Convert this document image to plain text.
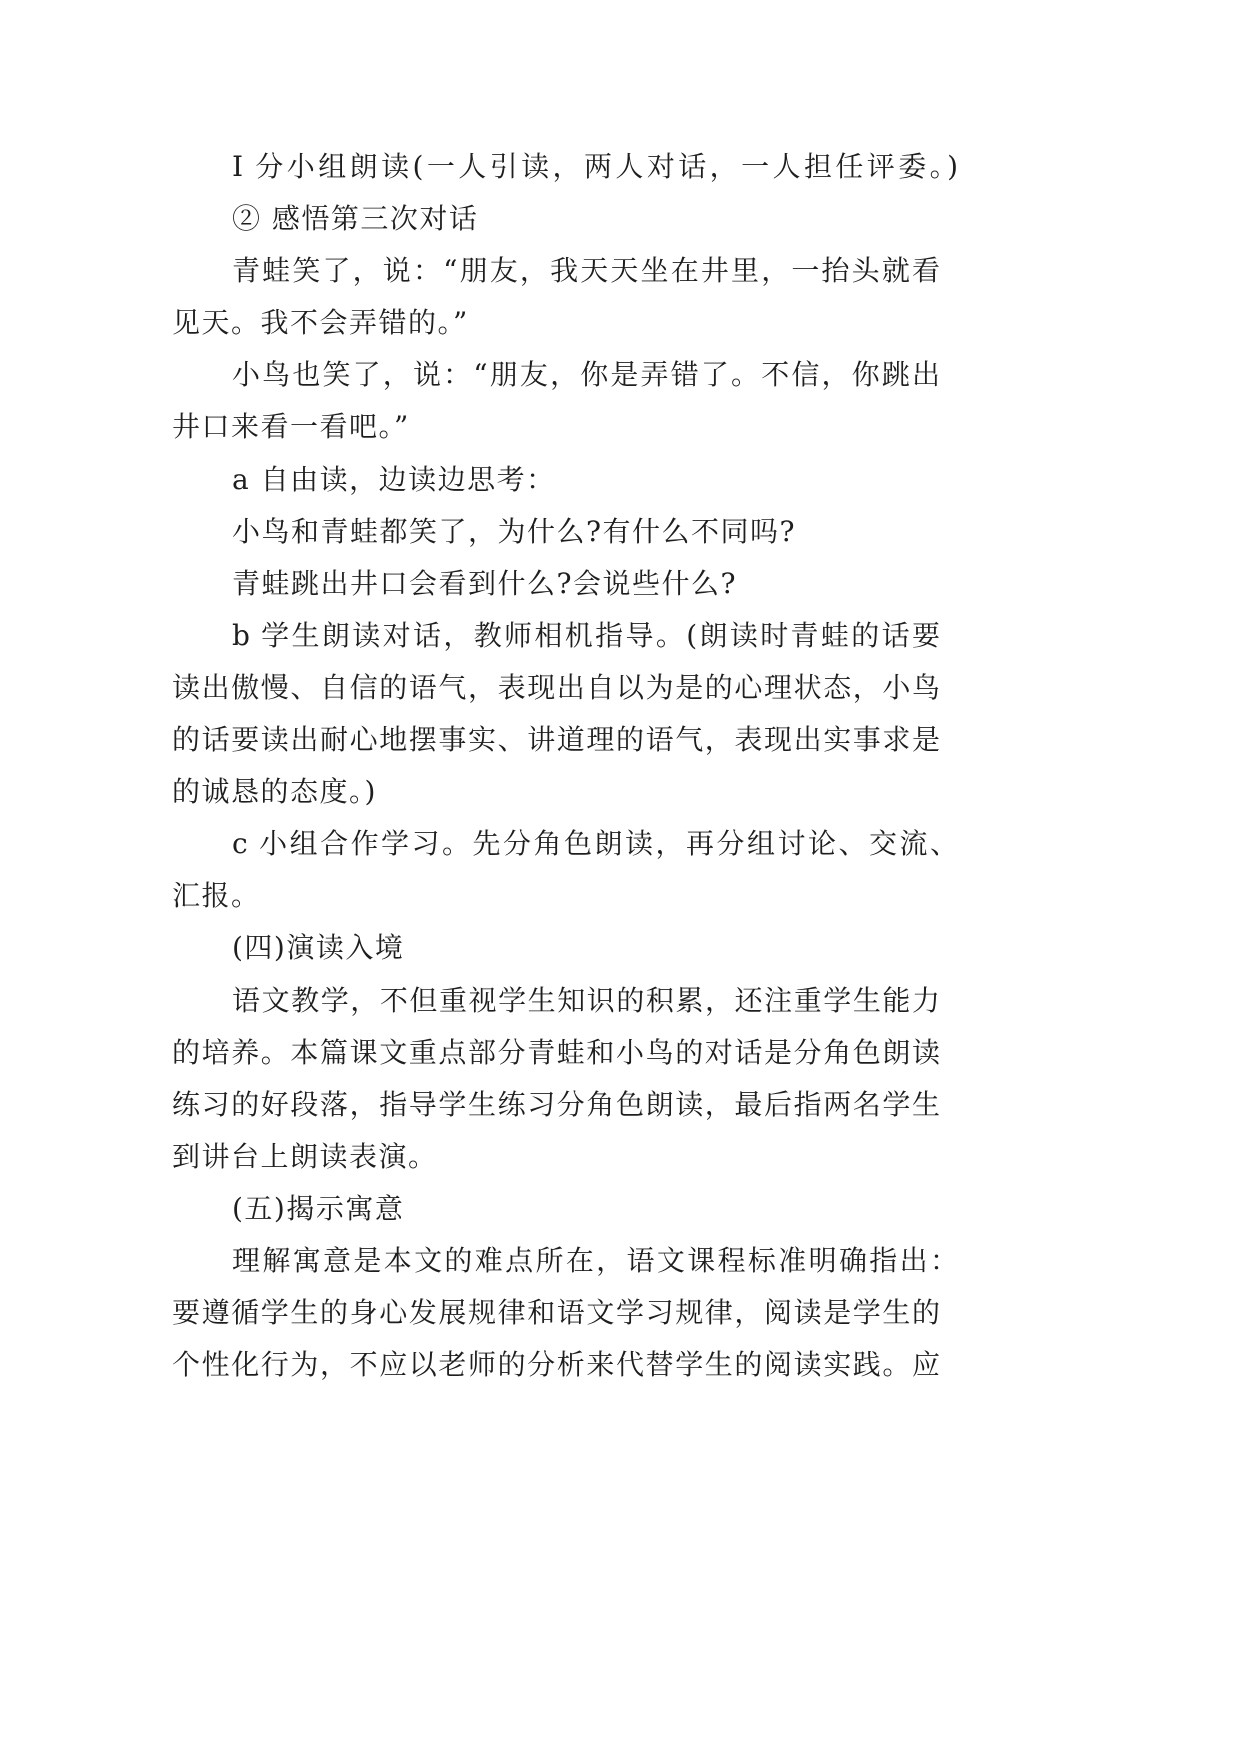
I 分小组朗读(一人引读，两人对话，一人担任评委。)
② 感悟第三次对话
青蛙笑了，说：“朋友，我天天坐在井里，一抬头就看
见天。我不会弄错的。”
小鸟也笑了，说：“朋友，你是弄错了。不信，你跳出
井口来看一看吧。”
a 自由读，边读边思考：
小鸟和青蛙都笑了，为什么?有什么不同吗?
青蛙跳出井口会看到什么?会说些什么?
b 学生朗读对话，教师相机指导。(朗读时青蛙的话要
读出傲慢、自信的语气，表现出自以为是的心理状态，小鸟
的话要读出耐心地摆事实、讲道理的语气，表现出实事求是
的诚恳的态度。)
c 小组合作学习。先分角色朗读，再分组讨论、交流、
汇报。
(四)演读入境
语文教学，不但重视学生知识的积累，还注重学生能力
的培养。本篇课文重点部分青蛙和小鸟的对话是分角色朗读
练习的好段落，指导学生练习分角色朗读，最后指两名学生
到讲台上朗读表演。
(五)揭示寓意
理解寓意是本文的难点所在，语文课程标准明确指出：
要遵循学生的身心发展规律和语文学习规律，阅读是学生的
个性化行为，不应以老师的分析来代替学生的阅读实践。应
